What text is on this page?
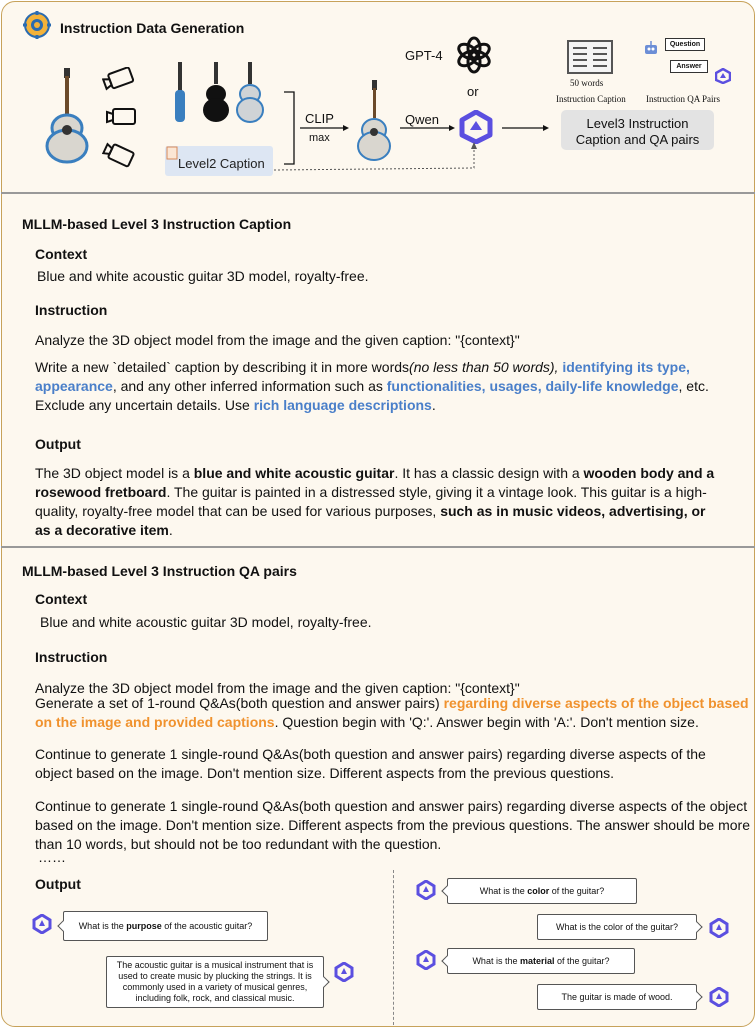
Instruction Data Generation
Level2 Caption
CLIP
max
Qwen
GPT-4
or
50 words
Instruction Caption
Question
Answer
Instruction QA Pairs
Level3 Instruction
Caption and QA pairs
MLLM-based Level 3 Instruction Caption
Context
Blue and white acoustic guitar 3D model, royalty-free.
Instruction
Analyze the 3D object model from the image and the given caption: "{context}"
Write a new `detailed` caption by describing it in more words(no less than 50 words), identifying its type, appearance, and any other inferred information such as functionalities, usages, daily-life knowledge, etc. Exclude any uncertain details. Use rich language descriptions.
Output
The 3D object model is a blue and white acoustic guitar. It has a classic design with a wooden body and a rosewood fretboard. The guitar is painted in a distressed style, giving it a vintage look. This guitar is a high-quality, royalty-free model that can be used for various purposes, such as in music videos, advertising, or as a decorative item.
MLLM-based Level 3 Instruction QA pairs
Context
Blue and white acoustic guitar 3D model, royalty-free.
Instruction
Analyze the 3D object model from the image and the given caption: "{context}"
Generate a set of 1-round Q&As(both question and answer pairs) regarding diverse aspects of the object based on the image and provided captions. Question begin with 'Q:'. Answer begin with 'A:'. Don't mention size.
Continue to generate 1 single-round Q&As(both question and answer pairs) regarding diverse aspects of the object based on the image. Don't mention size. Different aspects from the previous questions.
Continue to generate 1 single-round Q&As(both question and answer pairs) regarding diverse aspects of the object based on the image. Don't mention size. Different aspects from the previous questions. The answer should be more than 10 words, but should not be too redundant with the question.
……
Output
What is the purpose of the acoustic guitar?
The acoustic guitar is a musical instrument that is used to create music by plucking the strings. It is commonly used in a variety of musical genres, including folk, rock, and classical music.
What is the color of the guitar?
What is the color of the guitar?
What is the material of the guitar?
The guitar is made of wood.
